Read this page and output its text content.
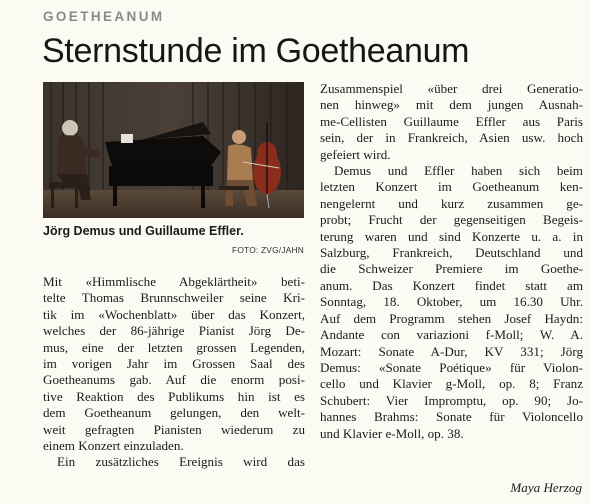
GOETHEANUM
Sternstunde im Goetheanum
Jörg Demus und Guillaume Effler.
FOTO: ZVG/JAHN
Mit «Himmlische Abgeklärtheit» beti-
telte Thomas Brunnschweiler seine Kri-
tik im «Wochenblatt» über das Konzert,
welches der 86-jährige Pianist Jörg De-
mus, eine der letzten grossen Legenden,
im vorigen Jahr im Grossen Saal des
Goetheanums gab. Auf die enorm posi-
tive Reaktion des Publikums hin ist es
dem Goetheanum gelungen, den welt-
weit gefragten Pianisten wiederum zu
einem Konzert einzuladen.
Ein zusätzliches Ereignis wird das
Zusammenspiel «über drei Generatio-
nen hinweg» mit dem jungen Ausnah-
me-Cellisten Guillaume Effler aus Paris
sein, der in Frankreich, Asien usw. hoch
gefeiert wird.
Demus und Effler haben sich beim
letzten Konzert im Goetheanum ken-
nengelernt und kurz zusammen ge-
probt; Frucht der gegenseitigen Begeis-
terung waren und sind Konzerte u. a. in
Salzburg, Frankreich, Deutschland und
die Schweizer Premiere im Goethe-
anum. Das Konzert findet statt am
Sonntag, 18. Oktober, um 16.30 Uhr.
Auf dem Programm stehen Josef Haydn:
Andante con variazioni f-Moll; W. A.
Mozart: Sonate A-Dur, KV 331; Jörg
Demus: «Sonate Poétique» für Violon-
cello und Klavier g-Moll, op. 8; Franz
Schubert: Vier Impromptu, op. 90; Jo-
hannes Brahms: Sonate für Violoncello
und Klavier e-Moll, op. 38.
Maya Herzog
